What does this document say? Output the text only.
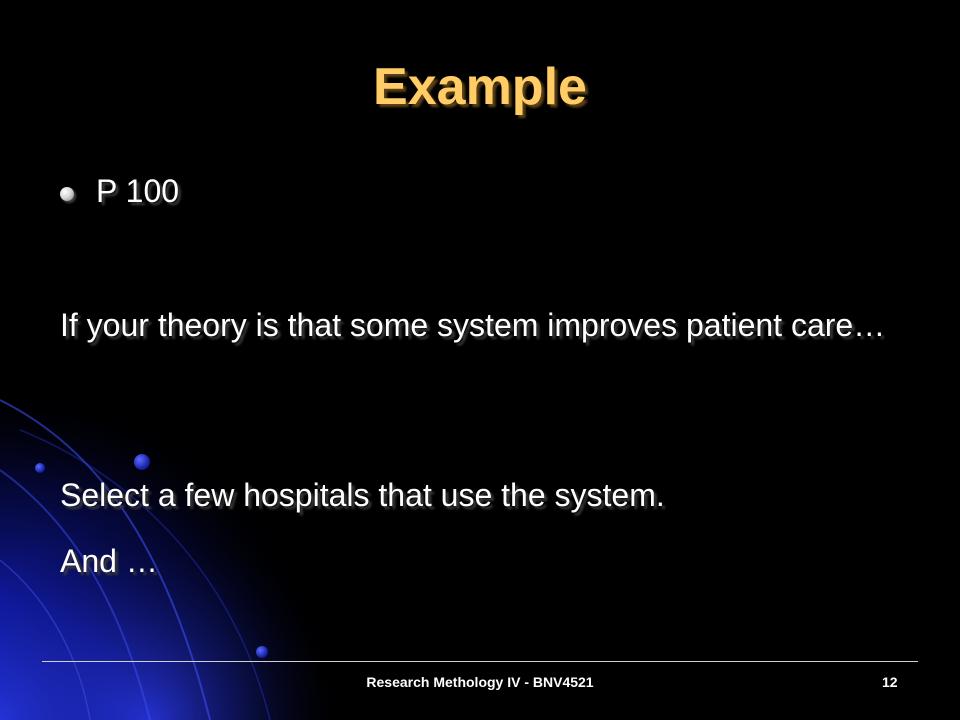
Example
P 100

If your theory is that some system improves patient care…

Select a few hospitals that use the system.

And …

Research Methology IV - BNV4521	12
